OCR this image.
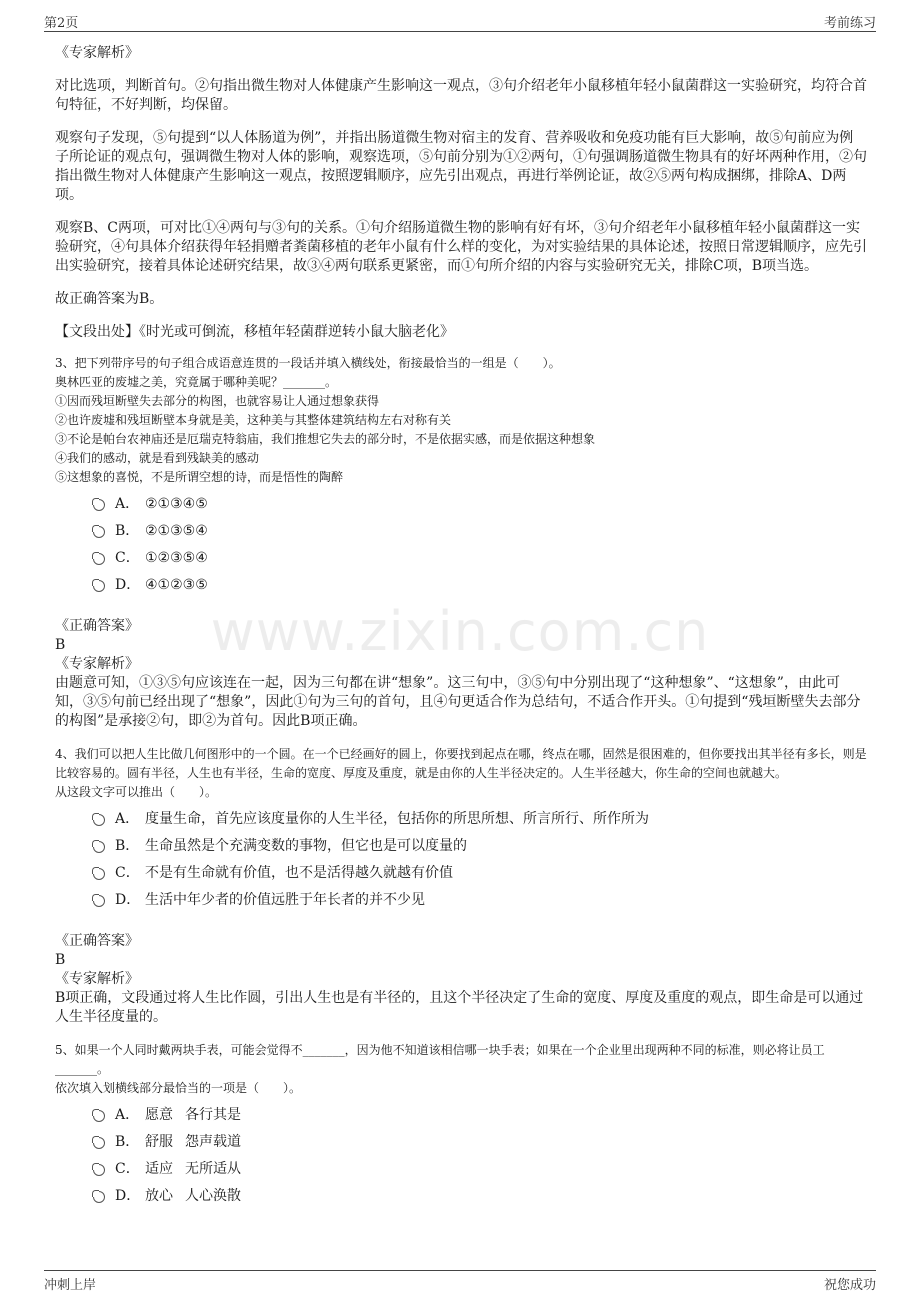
第2页	考前练习
www.zixin.com.cn
《专家解析》
对比选项，判断首句。②句指出微生物对人体健康产生影响这一观点，③句介绍老年小鼠移植年轻小鼠菌群这一实验研究，均符合首句特征，不好判断，均保留。
观察句子发现，⑤句提到“以人体肠道为例”，并指出肠道微生物对宿主的发育、营养吸收和免疫功能有巨大影响，故⑤句前应为例子所论证的观点句，强调微生物对人体的影响，观察选项，⑤句前分别为①②两句，①句强调肠道微生物具有的好坏两种作用，②句指出微生物对人体健康产生影响这一观点，按照逻辑顺序，应先引出观点，再进行举例论证，故②⑤两句构成捆绑，排除A、D两项。
观察B、C两项，可对比①④两句与③句的关系。①句介绍肠道微生物的影响有好有坏，③句介绍老年小鼠移植年轻小鼠菌群这一实验研究，④句具体介绍获得年轻捐赠者粪菌移植的老年小鼠有什么样的变化，为对实验结果的具体论述，按照日常逻辑顺序，应先引出实验研究，接着具体论述研究结果，故③④两句联系更紧密，而①句所介绍的内容与实验研究无关，排除C项，B项当选。
故正确答案为B。
【文段出处】《时光或可倒流，移植年轻菌群逆转小鼠大脑老化》
3、把下列带序号的句子组合成语意连贯的一段话并填入横线处，衔接最恰当的一组是（　　）。
奥林匹亚的废墟之美，究竟属于哪种美呢？_______。
①因而残垣断壁失去部分的构图，也就容易让人通过想象获得
②也许废墟和残垣断壁本身就是美，这种美与其整体建筑结构左右对称有关
③不论是帕台农神庙还是厄瑞克特翁庙，我们推想它失去的部分时，不是依据实感，而是依据这种想象
④我们的感动，就是看到残缺美的感动
⑤这想象的喜悦，不是所谓空想的诗，而是悟性的陶醉
A． ②①③④⑤
B． ②①③⑤④
C． ①②③⑤④
D． ④①②③⑤
《正确答案》
B
《专家解析》
由题意可知，①③⑤句应该连在一起，因为三句都在讲“想象”。这三句中，③⑤句中分别出现了“这种想象”、“这想象”，由此可知，③⑤句前已经出现了“想象”，因此①句为三句的首句，且④句更适合作为总结句，不适合作开头。①句提到“残垣断壁失去部分的构图”是承接②句，即②为首句。因此B项正确。
4、我们可以把人生比做几何图形中的一个圆。在一个已经画好的圆上，你要找到起点在哪，终点在哪，固然是很困难的，但你要找出其半径有多长，则是比较容易的。圆有半径，人生也有半径，生命的宽度、厚度及重度，就是由你的人生半径决定的。人生半径越大，你生命的空间也就越大。
从这段文字可以推出（　　）。
A． 度量生命，首先应该度量你的人生半径，包括你的所思所想、所言所行、所作所为
B． 生命虽然是个充满变数的事物，但它也是可以度量的
C． 不是有生命就有价值，也不是活得越久就越有价值
D． 生活中年少者的价值远胜于年长者的并不少见
《正确答案》
B
《专家解析》
B项正确，文段通过将人生比作圆，引出人生也是有半径的，且这个半径决定了生命的宽度、厚度及重度的观点，即生命是可以通过人生半径度量的。
5、如果一个人同时戴两块手表，可能会觉得不_______，因为他不知道该相信哪一块手表；如果在一个企业里出现两种不同的标准，则必将让员工_______。
依次填入划横线部分最恰当的一项是（　　）。
A． 愿意 各行其是
B． 舒服 怨声载道
C． 适应 无所适从
D． 放心 人心涣散
冲刺上岸	祝您成功
